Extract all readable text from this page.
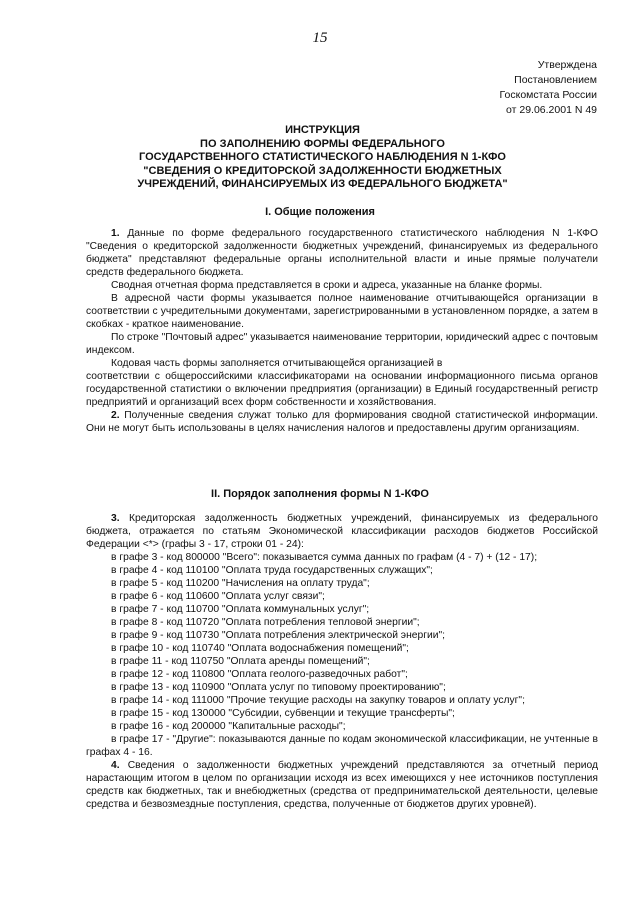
15
Утверждена
Постановлением
Госкомстата России
от 29.06.2001 N 49
ИНСТРУКЦИЯ
ПО ЗАПОЛНЕНИЮ ФОРМЫ ФЕДЕРАЛЬНОГО
ГОСУДАРСТВЕННОГО СТАТИСТИЧЕСКОГО НАБЛЮДЕНИЯ N 1-КФО
"СВЕДЕНИЯ О КРЕДИТОРСКОЙ ЗАДОЛЖЕННОСТИ БЮДЖЕТНЫХ
УЧРЕЖДЕНИЙ, ФИНАНСИРУЕМЫХ ИЗ ФЕДЕРАЛЬНОГО БЮДЖЕТА"
I. Общие положения

1. Данные по форме федерального государственного статистического наблюдения N 1-КФО "Сведения о кредиторской задолженности бюджетных учреждений, финансируемых из федерального бюджета" представляют федеральные органы исполнительной власти и иные прямые получатели средств федерального бюджета.

Сводная отчетная форма представляется в сроки и адреса, указанные на бланке формы.

В адресной части формы указывается полное наименование отчитывающейся организации в соответствии с учредительными документами, зарегистрированными в установленном порядке, а затем в скобках - краткое наименование.

По строке "Почтовый адрес" указывается наименование территории, юридический адрес с почтовым индексом.

Кодовая часть формы заполняется отчитывающейся организацией в

соответствии с общероссийскими классификаторами на основании информационного письма органов государственной статистики о включении предприятия (организации) в Единый государственный регистр предприятий и организаций всех форм собственности и хозяйствования.

2. Полученные сведения служат только для формирования сводной статистической информации. Они не могут быть использованы в целях начисления налогов и предоставлены другим организациям.

II. Порядок заполнения формы N 1-КФО

3. Кредиторская задолженность бюджетных учреждений, финансируемых из федерального бюджета, отражается по статьям Экономической классификации расходов бюджетов Российской Федерации <*> (графы 3 - 17, строки 01 - 24):

в графе 3 - код 800000 "Всего": показывается сумма данных по графам (4 - 7) + (12 - 17);

в графе 4 - код 110100 "Оплата труда государственных служащих";

в графе 5 - код 110200 "Начисления на оплату труда";

в графе 6 - код 110600 "Оплата услуг связи";

в графе 7 - код 110700 "Оплата коммунальных услуг";

в графе 8 - код 110720 "Оплата потребления тепловой энергии";

в графе 9 - код 110730 "Оплата потребления электрической энергии";

в графе 10 - код 110740 "Оплата водоснабжения помещений";

в графе 11 - код 110750 "Оплата аренды помещений";

в графе 12 - код 110800 "Оплата геолого-разведочных работ";

в графе 13 - код 110900 "Оплата услуг по типовому проектированию";

в графе 14 - код 111000 "Прочие текущие расходы на закупку товаров и оплату услуг";

в графе 15 - код 130000 "Субсидии, субвенции и текущие трансферты";

в графе 16 - код 200000 "Капитальные расходы";

в графе 17 - "Другие": показываются данные по кодам экономической классификации, не учтенные в графах 4 - 16.

4. Сведения о задолженности бюджетных учреждений представляются за отчетный период нарастающим итогом в целом по организации исходя из всех имеющихся у нее источников поступления средств как бюджетных, так и внебюджетных (средства от предпринимательской деятельности, целевые средства и безвозмездные поступления, средства, полученные от бюджетов других уровней).
